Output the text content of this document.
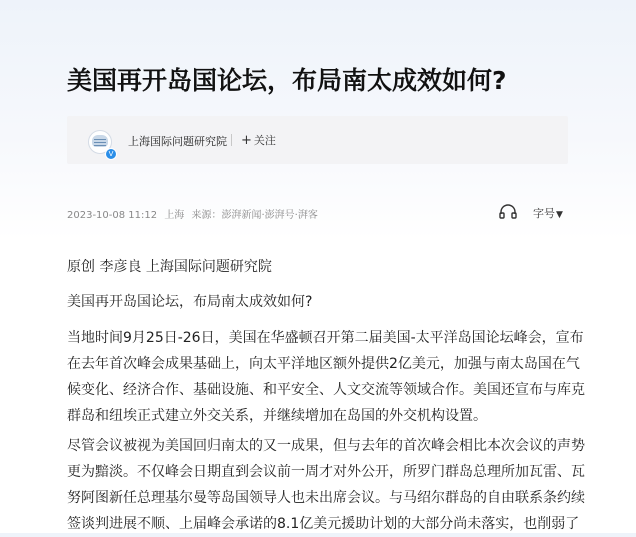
美国再开岛国论坛，布局南太成效如何?
V
上海国际问题研究院 + 关注
2023-10-08 11:12 上海 来源：澎湃新闻·澎湃号·湃客	字号▼
原创 李彦良 上海国际问题研究院
美国再开岛国论坛，布局南太成效如何?
当地时间9月25日-26日，美国在华盛顿召开第二届美国-太平洋岛国论坛峰会，宣布
在去年首次峰会成果基础上，向太平洋地区额外提供2亿美元，加强与南太岛国在气
候变化、经济合作、基础设施、和平安全、人文交流等领域合作。美国还宣布与库克
群岛和纽埃正式建立外交关系，并继续增加在岛国的外交机构设置。
尽管会议被视为美国回归南太的又一成果，但与去年的首次峰会相比本次会议的声势
更为黯淡。不仅峰会日期直到会议前一周才对外公开，所罗门群岛总理所加瓦雷、瓦
努阿图新任总理基尔曼等岛国领导人也未出席会议。与马绍尔群岛的自由联系条约续
签谈判进展不顺、上届峰会承诺的8.1亿美元援助计划的大部分尚未落实，也削弱了
